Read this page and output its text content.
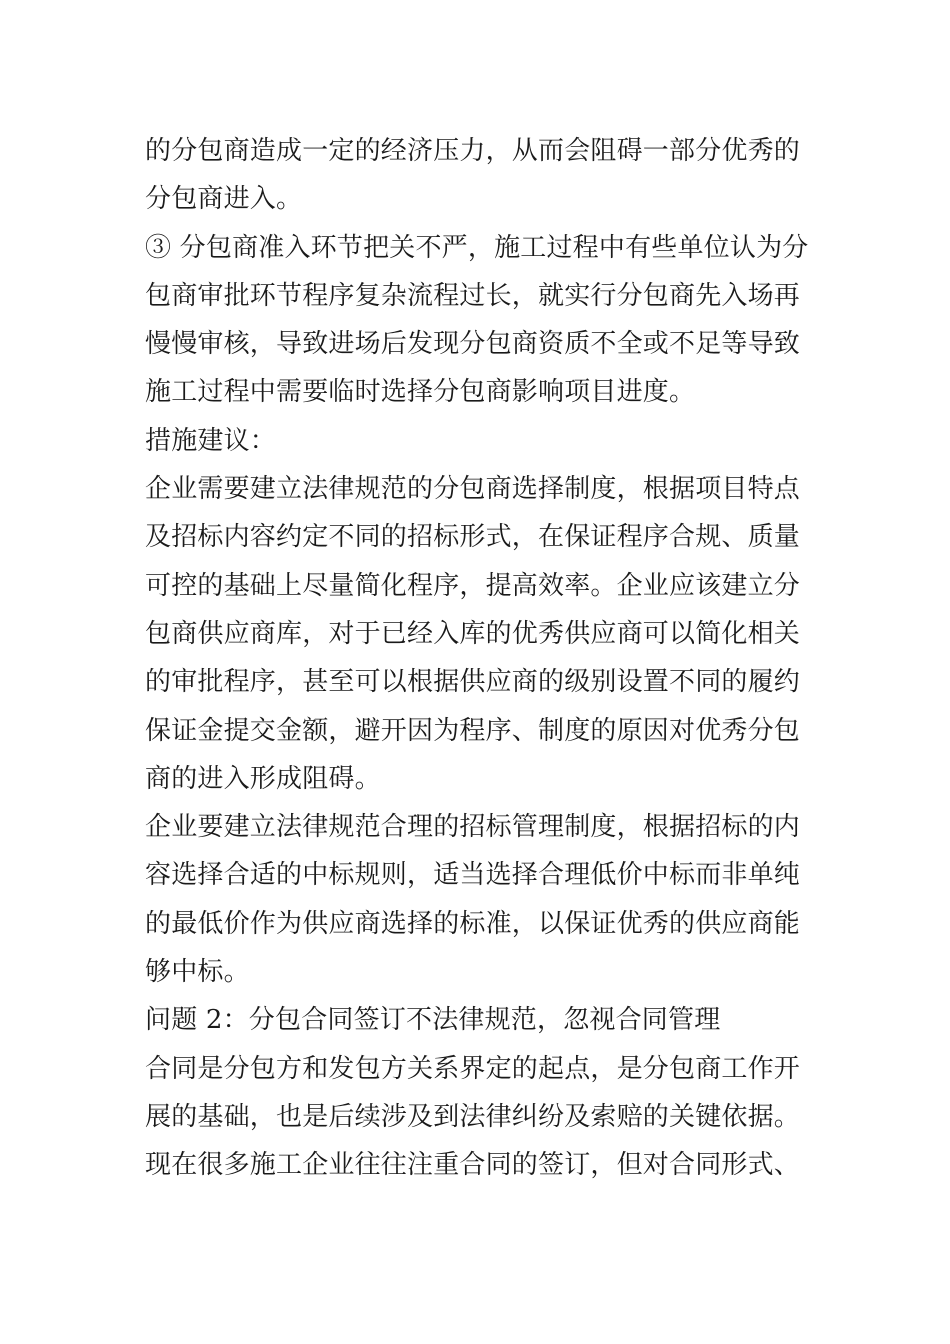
的分包商造成一定的经济压力，从而会阻碍一部分优秀的
分包商进入。
③ 分包商准入环节把关不严，施工过程中有些单位认为分
包商审批环节程序复杂流程过长，就实行分包商先入场再
慢慢审核，导致进场后发现分包商资质不全或不足等导致
施工过程中需要临时选择分包商影响项目进度。
措施建议：
企业需要建立法律规范的分包商选择制度，根据项目特点
及招标内容约定不同的招标形式，在保证程序合规、质量
可控的基础上尽量简化程序，提高效率。企业应该建立分
包商供应商库，对于已经入库的优秀供应商可以简化相关
的审批程序，甚至可以根据供应商的级别设置不同的履约
保证金提交金额，避开因为程序、制度的原因对优秀分包
商的进入形成阻碍。
企业要建立法律规范合理的招标管理制度，根据招标的内
容选择合适的中标规则，适当选择合理低价中标而非单纯
的最低价作为供应商选择的标准，以保证优秀的供应商能
够中标。
问题 2：分包合同签订不法律规范，忽视合同管理
合同是分包方和发包方关系界定的起点，是分包商工作开
展的基础，也是后续涉及到法律纠纷及索赔的关键依据。
现在很多施工企业往往注重合同的签订，但对合同形式、
